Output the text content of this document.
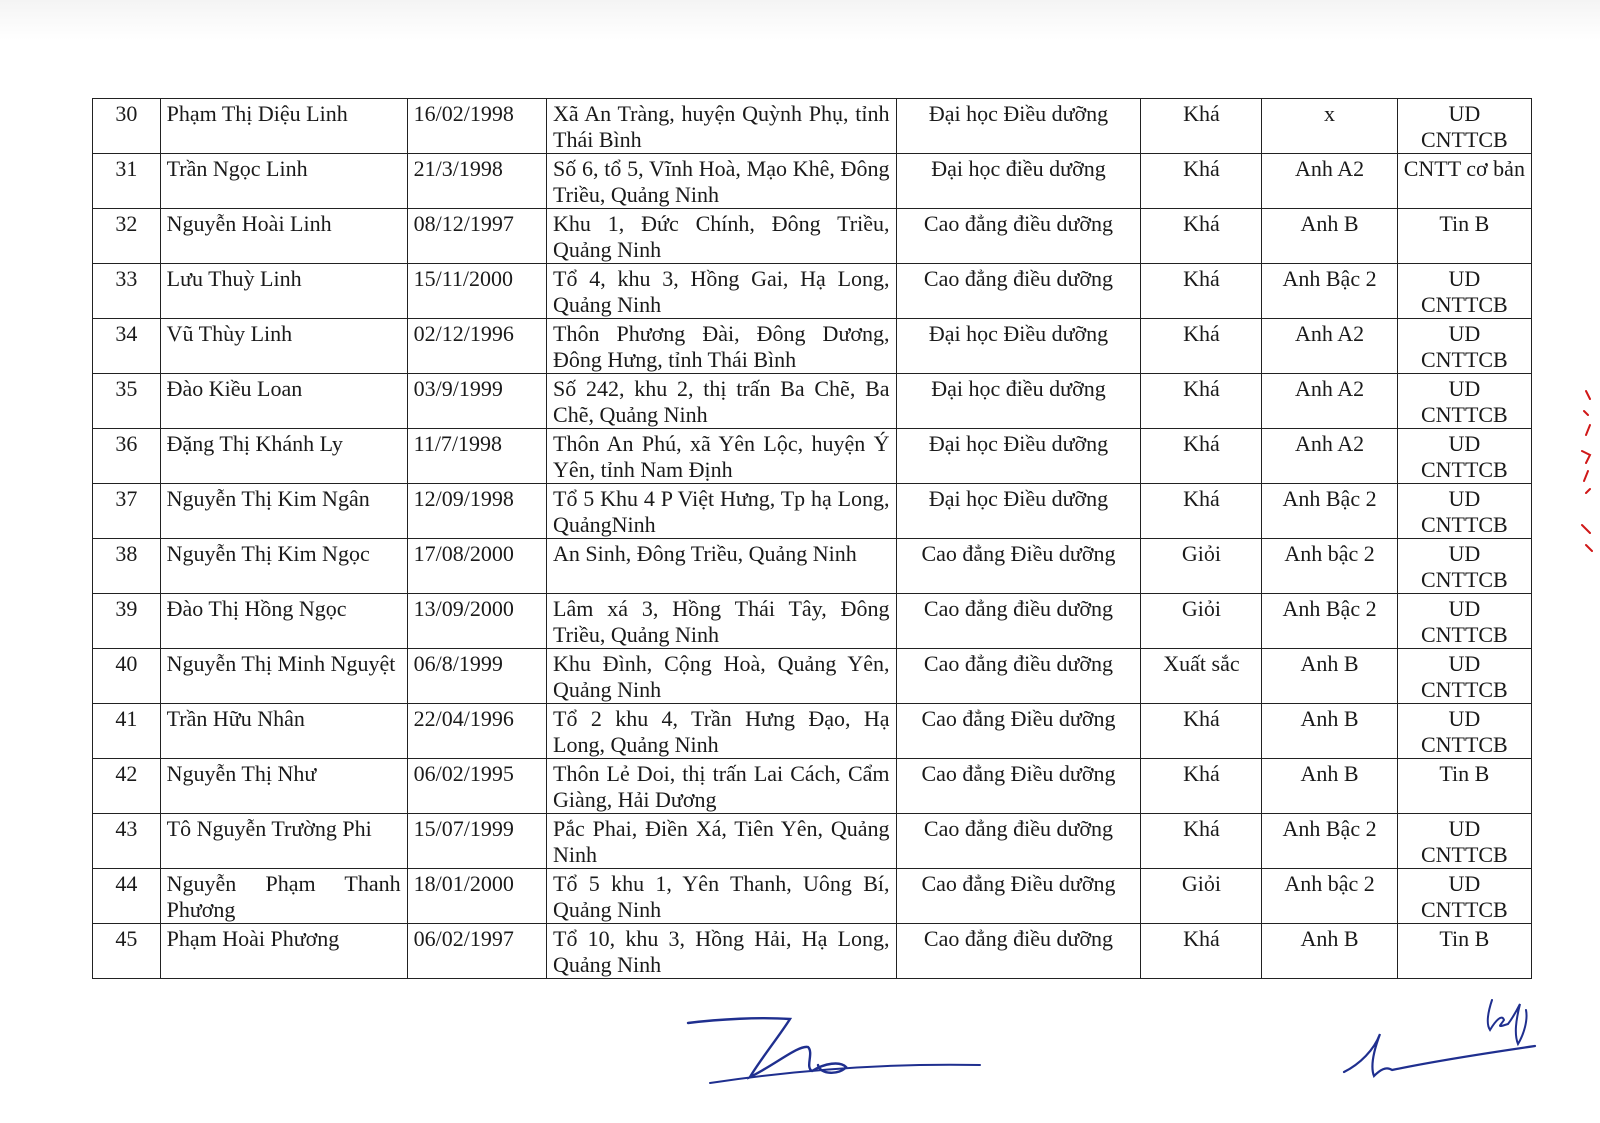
30	Phạm Thị Diệu Linh	16/02/1998	Xã An Tràng, huyện Quỳnh Phụ, tỉnh Thái Bình	Đại học Điều dưỡng	Khá	x	UD CNTTCB
31	Trần Ngọc Linh	21/3/1998	Số 6, tổ 5, Vĩnh Hoà, Mạo Khê, Đông Triều, Quảng Ninh	Đại học điều dưỡng	Khá	Anh A2	CNTT cơ bản
32	Nguyễn Hoài Linh	08/12/1997	Khu 1, Đức Chính, Đông Triều, Quảng Ninh	Cao đẳng điều dưỡng	Khá	Anh B	Tin B
33	Lưu Thuỳ Linh	15/11/2000	Tổ 4, khu 3, Hồng Gai, Hạ Long, Quảng Ninh	Cao đẳng điều dưỡng	Khá	Anh Bậc 2	UD CNTTCB
34	Vũ Thùy Linh	02/12/1996	Thôn Phương Đài, Đông Dương, Đông Hưng, tỉnh Thái Bình	Đại học Điều dưỡng	Khá	Anh A2	UD CNTTCB
35	Đào Kiều Loan	03/9/1999	Số 242, khu 2, thị trấn Ba Chẽ, Ba Chẽ, Quảng Ninh	Đại học điều dưỡng	Khá	Anh A2	UD CNTTCB
36	Đặng Thị Khánh Ly	11/7/1998	Thôn An Phú, xã Yên Lộc, huyện Ý Yên, tỉnh Nam Định	Đại học Điều dưỡng	Khá	Anh A2	UD CNTTCB
37	Nguyễn Thị Kim Ngân	12/09/1998	Tổ 5 Khu 4 P Việt Hưng, Tp hạ Long, QuảngNinh	Đại học Điều dưỡng	Khá	Anh Bậc 2	UD CNTTCB
38	Nguyễn Thị Kim Ngọc	17/08/2000	An Sinh, Đông Triều, Quảng Ninh	Cao đẳng Điều dưỡng	Giỏi	Anh bậc 2	UD CNTTCB
39	Đào Thị Hồng Ngọc	13/09/2000	Lâm xá 3, Hồng Thái Tây, Đông Triều, Quảng Ninh	Cao đẳng điều dưỡng	Giỏi	Anh Bậc 2	UD CNTTCB
40	Nguyễn Thị Minh Nguyệt	06/8/1999	Khu Đình, Cộng Hoà, Quảng Yên, Quảng Ninh	Cao đẳng điều dưỡng	Xuất sắc	Anh B	UD CNTTCB
41	Trần Hữu Nhân	22/04/1996	Tổ 2 khu 4, Trần Hưng Đạo, Hạ Long, Quảng Ninh	Cao đẳng Điều dưỡng	Khá	Anh B	UD CNTTCB
42	Nguyễn Thị Như	06/02/1995	Thôn Lẻ Doi, thị trấn Lai Cách, Cẩm Giàng, Hải Dương	Cao đẳng Điều dưỡng	Khá	Anh B	Tin B
43	Tô Nguyễn Trường Phi	15/07/1999	Pắc Phai, Điền Xá, Tiên Yên, Quảng Ninh	Cao đẳng điều dưỡng	Khá	Anh Bậc 2	UD CNTTCB
44	Nguyễn Phạm Thanh Phương	18/01/2000	Tổ 5 khu 1, Yên Thanh, Uông Bí, Quảng Ninh	Cao đẳng Điều dưỡng	Giỏi	Anh bậc 2	UD CNTTCB
45	Phạm Hoài Phương	06/02/1997	Tổ 10, khu 3, Hồng Hải, Hạ Long, Quảng Ninh	Cao đẳng điều dưỡng	Khá	Anh B	Tin B
